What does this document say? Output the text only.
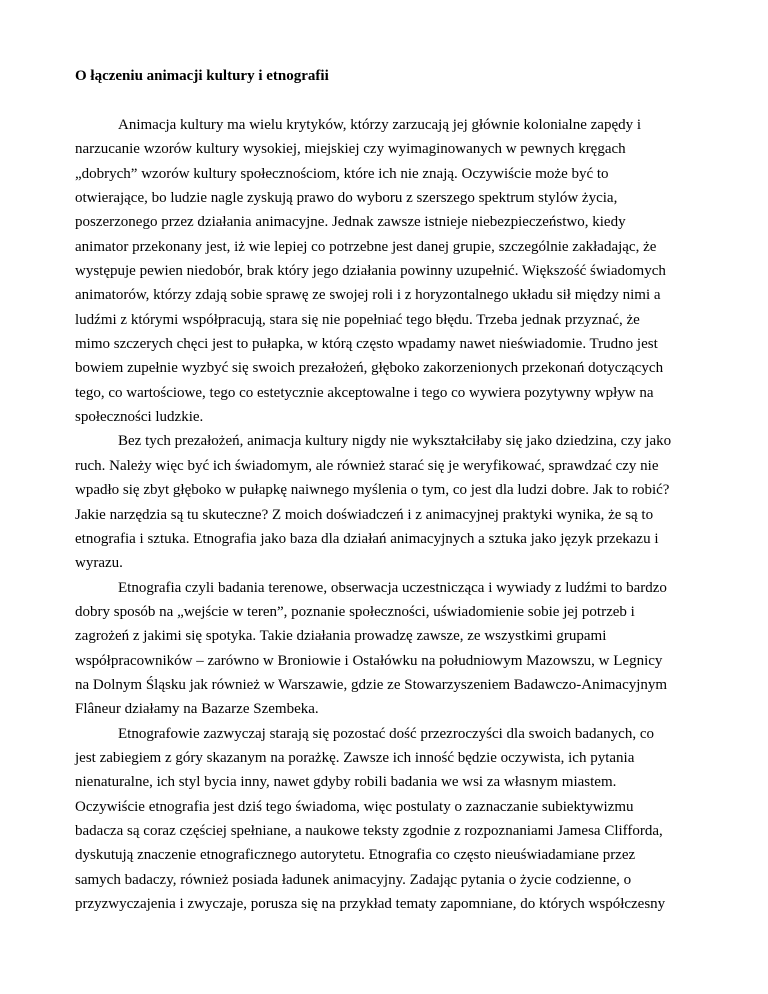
O łączeniu animacji kultury i etnografii
Animacja kultury ma wielu krytyków, którzy zarzucają jej głównie kolonialne zapędy i
narzucanie wzorów kultury wysokiej, miejskiej czy wyimaginowanych w pewnych kręgach
„dobrych” wzorów kultury społecznościom, które ich nie znają. Oczywiście może być to
otwierające, bo ludzie nagle zyskują prawo do wyboru z szerszego spektrum stylów życia,
poszerzonego przez działania animacyjne. Jednak zawsze istnieje niebezpieczeństwo, kiedy
animator przekonany jest, iż wie lepiej co potrzebne jest danej grupie, szczególnie zakładając, że
występuje pewien niedobór, brak który jego działania powinny uzupełnić. Większość świadomych
animatorów, którzy zdają sobie sprawę ze swojej roli i z horyzontalnego układu sił między nimi a
ludźmi z którymi współpracują, stara się nie popełniać tego błędu. Trzeba jednak przyznać, że
mimo szczerych chęci jest to pułapka, w którą często wpadamy nawet nieświadomie. Trudno jest
bowiem zupełnie wyzbyć się swoich prezałożeń, głęboko zakorzenionych przekonań dotyczących
tego, co wartościowe, tego co estetycznie akceptowalne i tego co wywiera pozytywny wpływ na
społeczności ludzkie.
Bez tych prezałożeń, animacja kultury nigdy nie wykształciłaby się jako dziedzina, czy jako
ruch. Należy więc być ich świadomym, ale również starać się je weryfikować, sprawdzać czy nie
wpadło się zbyt głęboko w pułapkę naiwnego myślenia o tym, co jest dla ludzi dobre. Jak to robić?
Jakie narzędzia są tu skuteczne? Z moich doświadczeń i z animacyjnej praktyki wynika, że są to
etnografia i sztuka. Etnografia jako baza dla działań animacyjnych a sztuka jako język przekazu i
wyrazu.
Etnografia czyli badania terenowe, obserwacja uczestnicząca i wywiady z ludźmi to bardzo
dobry sposób na „wejście w teren”, poznanie społeczności, uświadomienie sobie jej potrzeb i
zagrożeń z jakimi się spotyka. Takie działania prowadzę zawsze, ze wszystkimi grupami
współpracowników – zarówno w Broniowie i Ostałówku na południowym Mazowszu, w Legnicy
na Dolnym Śląsku jak również w Warszawie, gdzie ze Stowarzyszeniem Badawczo-Animacyjnym
Flâneur działamy na Bazarze Szembeka.
Etnografowie zazwyczaj starają się pozostać dość przezroczyści dla swoich badanych, co
jest zabiegiem z góry skazanym na porażkę. Zawsze ich inność będzie oczywista, ich pytania
nienaturalne, ich styl bycia inny, nawet gdyby robili badania we wsi za własnym miastem.
Oczywiście etnografia jest dziś tego świadoma, więc postulaty o zaznaczanie subiektywizmu
badacza są coraz częściej spełniane, a naukowe teksty zgodnie z rozpoznaniami Jamesa Clifforda,
dyskutują znaczenie etnograficznego autorytetu. Etnografia co często nieuświadamiane przez
samych badaczy, również posiada ładunek animacyjny. Zadając pytania o życie codzienne, o
przyzwyczajenia i zwyczaje, porusza się na przykład tematy zapomniane, do których współczesny
